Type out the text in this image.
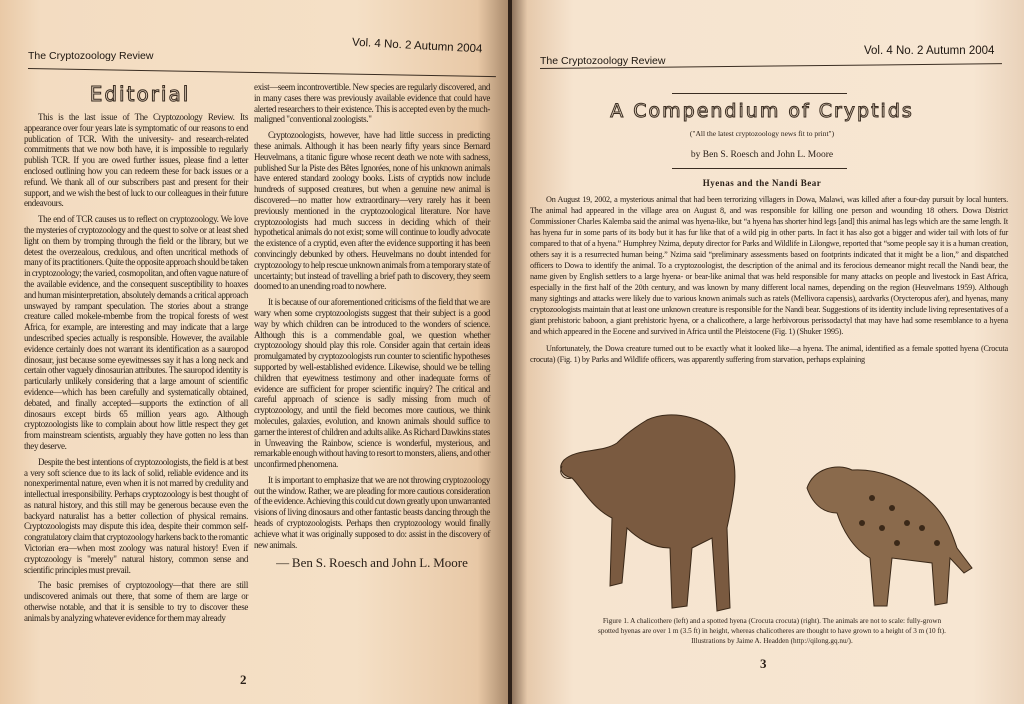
The Cryptozoology Review
Vol. 4 No. 2 Autumn 2004
Editorial

This is the last issue of The Cryptozoology Review. Its appearance over four years late is symptomatic of our reasons to end publication of TCR. With the university- and research-related commitments that we now both have, it is impossible to regularly publish TCR. If you are owed further issues, please find a letter enclosed outlining how you can redeem these for back issues or a refund. We thank all of our subscribers past and present for their support, and we wish the best of luck to our colleagues in their future endeavours.

The end of TCR causes us to reflect on cryptozoology. We love the mysteries of cryptozoology and the quest to solve or at least shed light on them by tromping through the field or the library, but we detest the overzealous, credulous, and often uncritical methods of many of its practitioners. Quite the opposite approach should be taken in cryptozoology; the varied, cosmopolitan, and often vague nature of the available evidence, and the consequent susceptibility to hoaxes and human misinterpretation, absolutely demands a critical approach unswayed by rampant speculation. The stories about a strange creature called mokele-mbembe from the tropical forests of west Africa, for example, are interesting and may indicate that a large undescribed species actually is responsible. However, the available evidence certainly does not warrant its identification as a sauropod dinosaur, just because some eyewitnesses say it has a long neck and certain other vaguely dinosaurian attributes. The sauropod identity is particularly unlikely considering that a large amount of scientific evidence—which has been carefully and systematically obtained, debated, and finally accepted—supports the extinction of all dinosaurs except birds 65 million years ago. Although cryptozoologists like to complain about how little respect they get from mainstream scientists, arguably they have gotten no less than they deserve.

Despite the best intentions of cryptozoologists, the field is at best a very soft science due to its lack of solid, reliable evidence and its nonexperimental nature, even when it is not marred by credulity and intellectual irresponsibility. Perhaps cryptozoology is best thought of as natural history, and this still may be generous because even the backyard naturalist has a better collection of physical remains. Cryptozoologists may dispute this idea, despite their common self-congratulatory claim that cryptozoology harkens back to the romantic Victorian era—when most zoology was natural history! Even if cryptozoology is "merely" natural history, common sense and scientific principles must prevail.

The basic premises of cryptozoology—that there are still undiscovered animals out there, that some of them are large or otherwise notable, and that it is sensible to try to discover these animals by analyzing whatever evidence for them may already

exist—seem incontrovertible. New species are regularly discovered, and in many cases there was previously available evidence that could have alerted researchers to their existence. This is accepted even by the much-maligned "conventional zoologists."

Cryptozoologists, however, have had little success in predicting these animals. Although it has been nearly fifty years since Bernard Heuvelmans, a titanic figure whose recent death we note with sadness, published Sur la Piste des Bêtes Ignorées, none of his unknown animals have entered standard zoology books. Lists of cryptids now include hundreds of supposed creatures, but when a genuine new animal is discovered—no matter how extraordinary—very rarely has it been previously mentioned in the cryptozoological literature. Nor have cryptozoologists had much success in deciding which of their hypothetical animals do not exist; some will continue to loudly advocate the existence of a cryptid, even after the evidence supporting it has been convincingly debunked by others. Heuvelmans no doubt intended for cryptozoology to help rescue unknown animals from a temporary state of uncertainty; but instead of travelling a brief path to discovery, they seem doomed to an unending road to nowhere.

It is because of our aforementioned criticisms of the field that we are wary when some cryptozoologists suggest that their subject is a good way by which children can be introduced to the wonders of science. Although this is a commendable goal, we question whether cryptozoology should play this role. Consider again that certain ideas promulgamated by cryptozoologists run counter to scientific hypotheses supported by well-established evidence. Likewise, should we be telling children that eyewitness testimony and other inadequate forms of evidence are sufficient for proper scientific inquiry? The critical and careful approach of science is sadly missing from much of cryptozoology, and until the field becomes more cautious, we think molecules, galaxies, evolution, and known animals should suffice to garner the interest of children and adults alike. As Richard Dawkins states in Unweaving the Rainbow, science is wonderful, mysterious, and remarkable enough without having to resort to monsters, aliens, and other unconfirmed phenomena.

It is important to emphasize that we are not throwing cryptozoology out the window. Rather, we are pleading for more cautious consideration of the evidence. Achieving this could cut down greatly upon unwarranted visions of living dinosaurs and other fantastic beasts dancing through the heads of cryptozoologists. Perhaps then cryptozoology would finally achieve what it was originally supposed to do: assist in the discovery of new animals.

— Ben S. Roesch and John L. Moore
2
The Cryptozoology Review
Vol. 4 No. 2 Autumn 2004
A Compendium of Cryptids
("All the latest cryptozoology news fit to print")
by Ben S. Roesch and John L. Moore
Hyenas and the Nandi Bear

On August 19, 2002, a mysterious animal that had been terrorizing villagers in Dowa, Malawi, was killed after a four-day pursuit by local hunters. The animal had appeared in the village area on August 8, and was responsible for killing one person and wounding 18 others. Dowa District Commissioner Charles Kalemba said the animal was hyena-like, but “a hyena has shorter hind legs [and] this animal has legs which are the same length. It has hyena fur in some parts of its body but it has fur like that of a wild pig in other parts. In fact it has also got a bigger and wider tail with lots of fur compared to that of a hyena.” Humphrey Nzima, deputy director for Parks and Wildlife in Lilongwe, reported that “some people say it is a human creation, others say it is a resurrected human being.” Nzima said “preliminary assessments based on footprints indicated that it might be a lion,” and dispatched officers to Dowa to identify the animal. To a cryptozoologist, the description of the animal and its ferocious demeanor might recall the Nandi bear, the name given by English settlers to a large hyena- or bear-like animal that was held responsible for many attacks on people and livestock in East Africa, especially in the first half of the 20th century, and was known by many different local names, depending on the region (Heuvelmans 1959). Although many sightings and attacks were likely due to various known animals such as ratels (Mellivora capensis), aardvarks (Orycteropus afer), and hyenas, many cryptozoologists maintain that at least one unknown creature is responsible for the Nandi bear. Suggestions of its identity include living representatives of a giant prehistoric baboon, a giant prehistoric hyena, or a chalicothere, a large herbivorous perissodactyl that may have had some resemblance to a hyena and which appeared in the Eocene and survived in Africa until the Pleistocene (Fig. 1) (Shuker 1995).

Unfortunately, the Dowa creature turned out to be exactly what it looked like—a hyena. The animal, identified as a female spotted hyena (Crocuta crocuta) (Fig. 1) by Parks and Wildlife officers, was apparently suffering from starvation, perhaps explaining

Figure 1. A chalicothere (left) and a spotted hyena (Crocuta crocuta) (right). The animals are not to scale: fully-grown
spotted hyenas are over 1 m (3.5 ft) in height, whereas chalicotheres are thought to have grown to a height of 3 m (10 ft).
Illustrations by Jaime A. Headden (http://qilong.gq.nu/).
3
